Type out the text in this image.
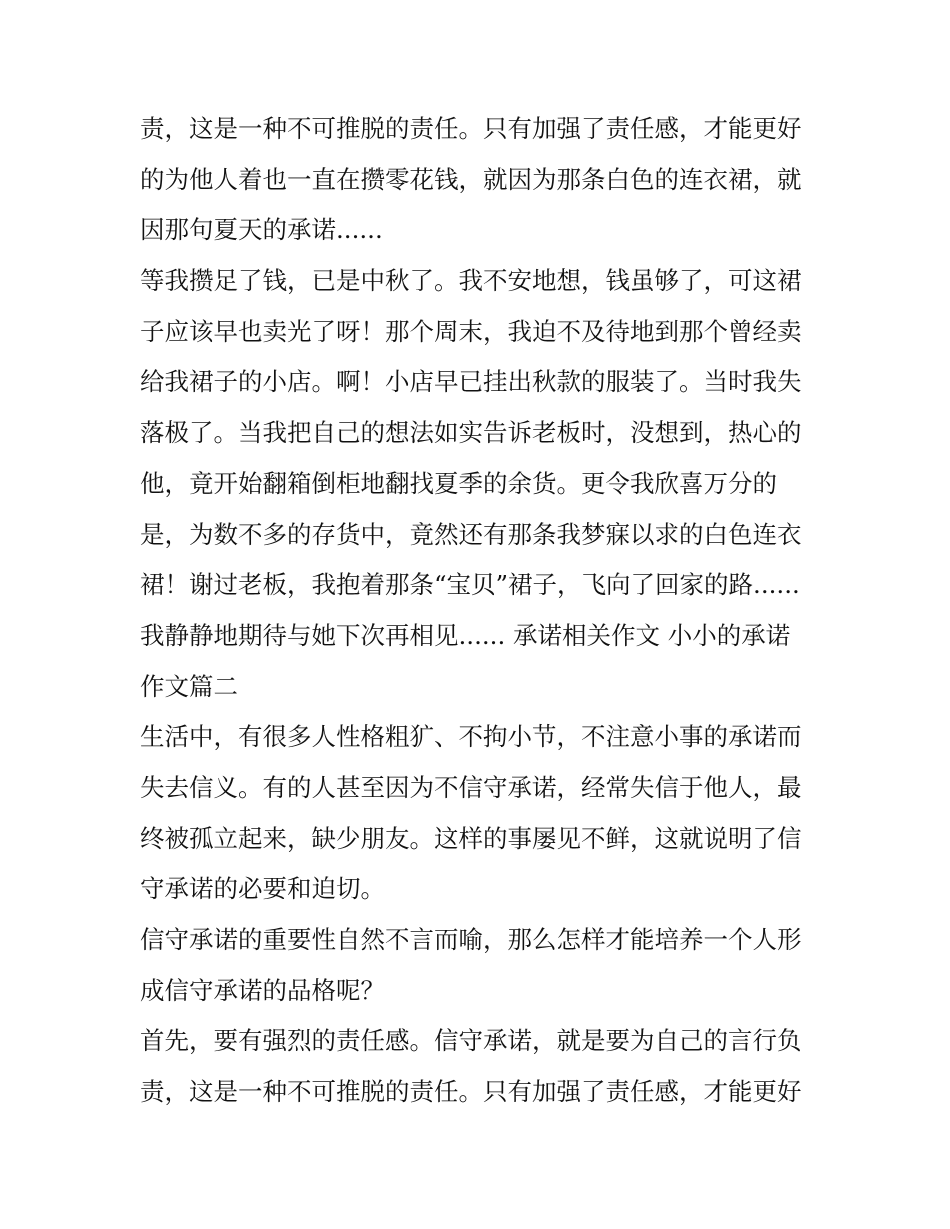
责，这是一种不可推脱的责任。只有加强了责任感，才能更好
的为他人着也一直在攒零花钱，就因为那条白色的连衣裙，就
因那句夏天的承诺......
等我攒足了钱，已是中秋了。我不安地想，钱虽够了，可这裙
子应该早也卖光了呀！那个周末，我迫不及待地到那个曾经卖
给我裙子的小店。啊！小店早已挂出秋款的服装了。当时我失
落极了。当我把自己的想法如实告诉老板时，没想到，热心的
他，竟开始翻箱倒柜地翻找夏季的余货。更令我欣喜万分的
是，为数不多的存货中，竟然还有那条我梦寐以求的白色连衣
裙！谢过老板，我抱着那条“宝贝”裙子，飞向了回家的路......
我静静地期待与她下次再相见...... 承诺相关作文 小小的承诺
作文篇二
生活中，有很多人性格粗犷、不拘小节，不注意小事的承诺而
失去信义。有的人甚至因为不信守承诺，经常失信于他人，最
终被孤立起来，缺少朋友。这样的事屡见不鲜，这就说明了信
守承诺的必要和迫切。
信守承诺的重要性自然不言而喻，那么怎样才能培养一个人形
成信守承诺的品格呢？
首先，要有强烈的责任感。信守承诺，就是要为自己的言行负
责，这是一种不可推脱的责任。只有加强了责任感，才能更好
